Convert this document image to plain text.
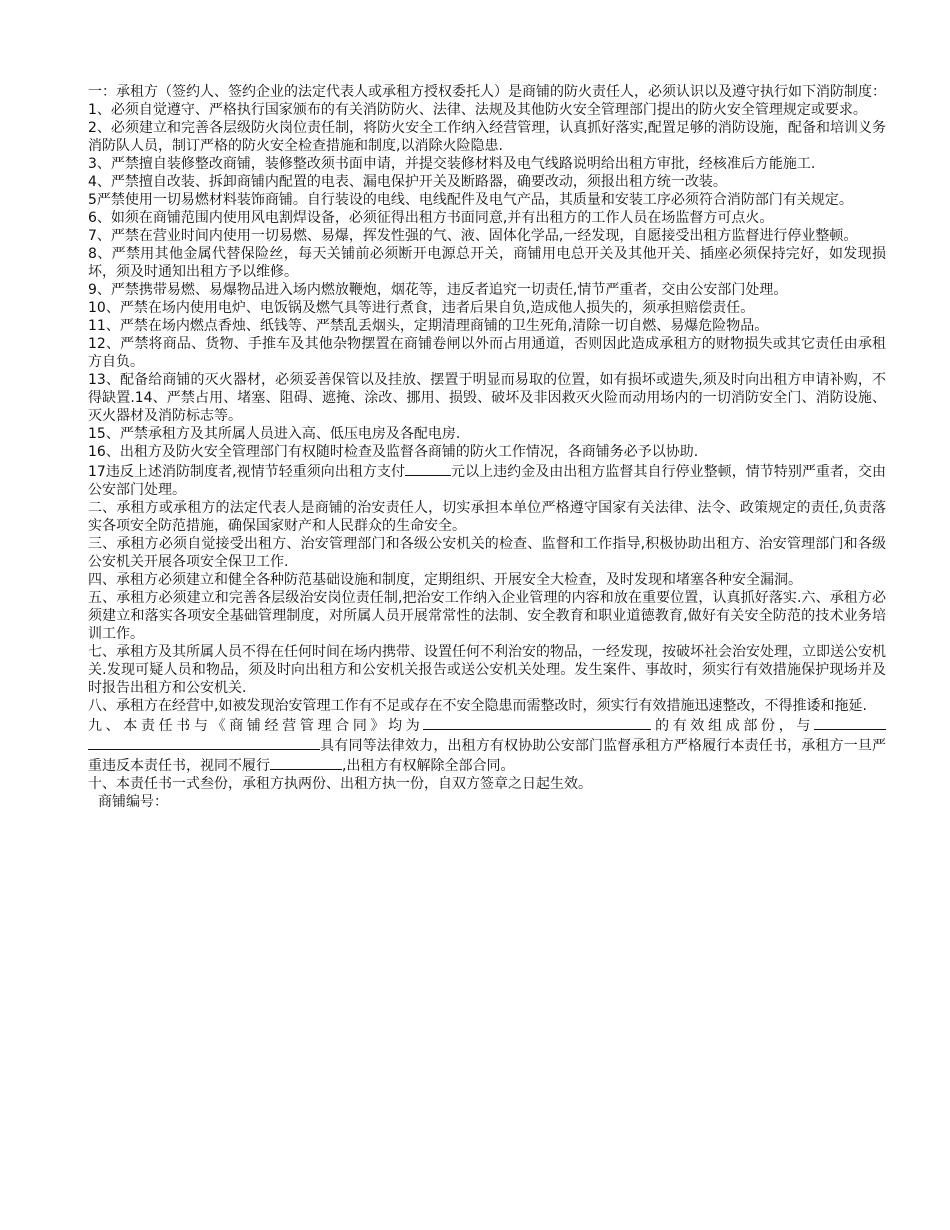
一：承租方（签约人、签约企业的法定代表人或承租方授权委托人）是商铺的防火责任人，必须认识以及遵守执行如下消防制度：

1、必须自觉遵守、严格执行国家颁布的有关消防防火、法律、法规及其他防火安全管理部门提出的防火安全管理规定或要求。

2、必须建立和完善各层级防火岗位责任制，将防火安全工作纳入经营管理，认真抓好落实,配置足够的消防设施，配备和培训义务消防队人员，制订严格的防火安全检查措施和制度,以消除火险隐患.

3、严禁擅自装修整改商铺，装修整改须书面申请，并提交装修材料及电气线路说明给出租方审批，经核准后方能施工.

4、严禁擅自改装、拆卸商铺内配置的电表、漏电保护开关及断路器，确要改动，须报出租方统一改装。

5严禁使用一切易燃材料装饰商铺。自行装设的电线、电线配件及电气产品，其质量和安装工序必须符合消防部门有关规定。

6、如须在商铺范围内使用风电割焊设备，必须征得出租方书面同意,并有出租方的工作人员在场监督方可点火。

7、严禁在营业时间内使用一切易燃、易爆，挥发性强的气、液、固体化学品,一经发现，自愿接受出租方监督进行停业整顿。

8、严禁用其他金属代替保险丝，每天关铺前必须断开电源总开关，商铺用电总开关及其他开关、插座必须保持完好，如发现损坏，须及时通知出租方予以维修。

9、严禁携带易燃、易爆物品进入场内燃放鞭炮，烟花等，违反者追究一切责任,情节严重者，交由公安部门处理。

10、严禁在场内使用电炉、电饭锅及燃气具等进行煮食，违者后果自负,造成他人损失的，须承担赔偿责任。

11、严禁在场内燃点香烛、纸钱等、严禁乱丢烟头，定期清理商铺的卫生死角,清除一切自燃、易爆危险物品。

12、严禁将商品、货物、手推车及其他杂物摆置在商铺卷闸以外而占用通道，否则因此造成承租方的财物损失或其它责任由承租方自负。

13、配备给商铺的灭火器材，必须妥善保管以及挂放、摆置于明显而易取的位置，如有损坏或遗失,须及时向出租方申请补购，不得缺置.14、严禁占用、堵塞、阻碍、遮掩、涂改、挪用、损毁、破坏及非因救灭火险而动用场内的一切消防安全门、消防设施、灭火器材及消防标志等。

15、严禁承租方及其所属人员进入高、低压电房及各配电房.

16、出租方及防火安全管理部门有权随时检查及监督各商铺的防火工作情况，各商铺务必予以协助.

17违反上述消防制度者,视情节轻重须向出租方支付	元以上违约金及由出租方监督其自行停业整顿，情节特别严重者，交由公安部门处理。

二、承租方或承租方的法定代表人是商铺的治安责任人，切实承担本单位严格遵守国家有关法律、法令、政策规定的责任,负责落实各项安全防范措施，确保国家财产和人民群众的生命安全。

三、承租方必须自觉接受出租方、治安管理部门和各级公安机关的检查、监督和工作指导,积极协助出租方、治安管理部门和各级公安机关开展各项安全保卫工作.

四、承租方必须建立和健全各种防范基础设施和制度，定期组织、开展安全大检查，及时发现和堵塞各种安全漏洞。

五、承租方必须建立和完善各层级治安岗位责任制,把治安工作纳入企业管理的内容和放在重要位置，认真抓好落实.六、承租方必须建立和落实各项安全基础管理制度，对所属人员开展常常性的法制、安全教育和职业道德教育,做好有关安全防范的技术业务培训工作。

七、承租方及其所属人员不得在任何时间在场内携带、设置任何不利治安的物品，一经发现，按破坏社会治安处理，立即送公安机关.发现可疑人员和物品，须及时向出租方和公安机关报告或送公安机关处理。发生案件、事故时，须实行有效措施保护现场并及时报告出租方和公安机关.

八、承租方在经营中,如被发现治安管理工作有不足或存在不安全隐患而需整改时，须实行有效措施迅速整改，不得推诿和拖延.

九、本责任书与《商铺经营管理合同》均为	的有效组成部份，与具有同等法律效力，出租方有权协助公安部门监督承租方严格履行本责任书，承租方一旦严重违反本责任书，视同不履行	,出租方有权解除全部合同。

十、本责任书一式叁份，承租方执两份、出租方执一份，自双方签章之日起生效。

商铺编号：
